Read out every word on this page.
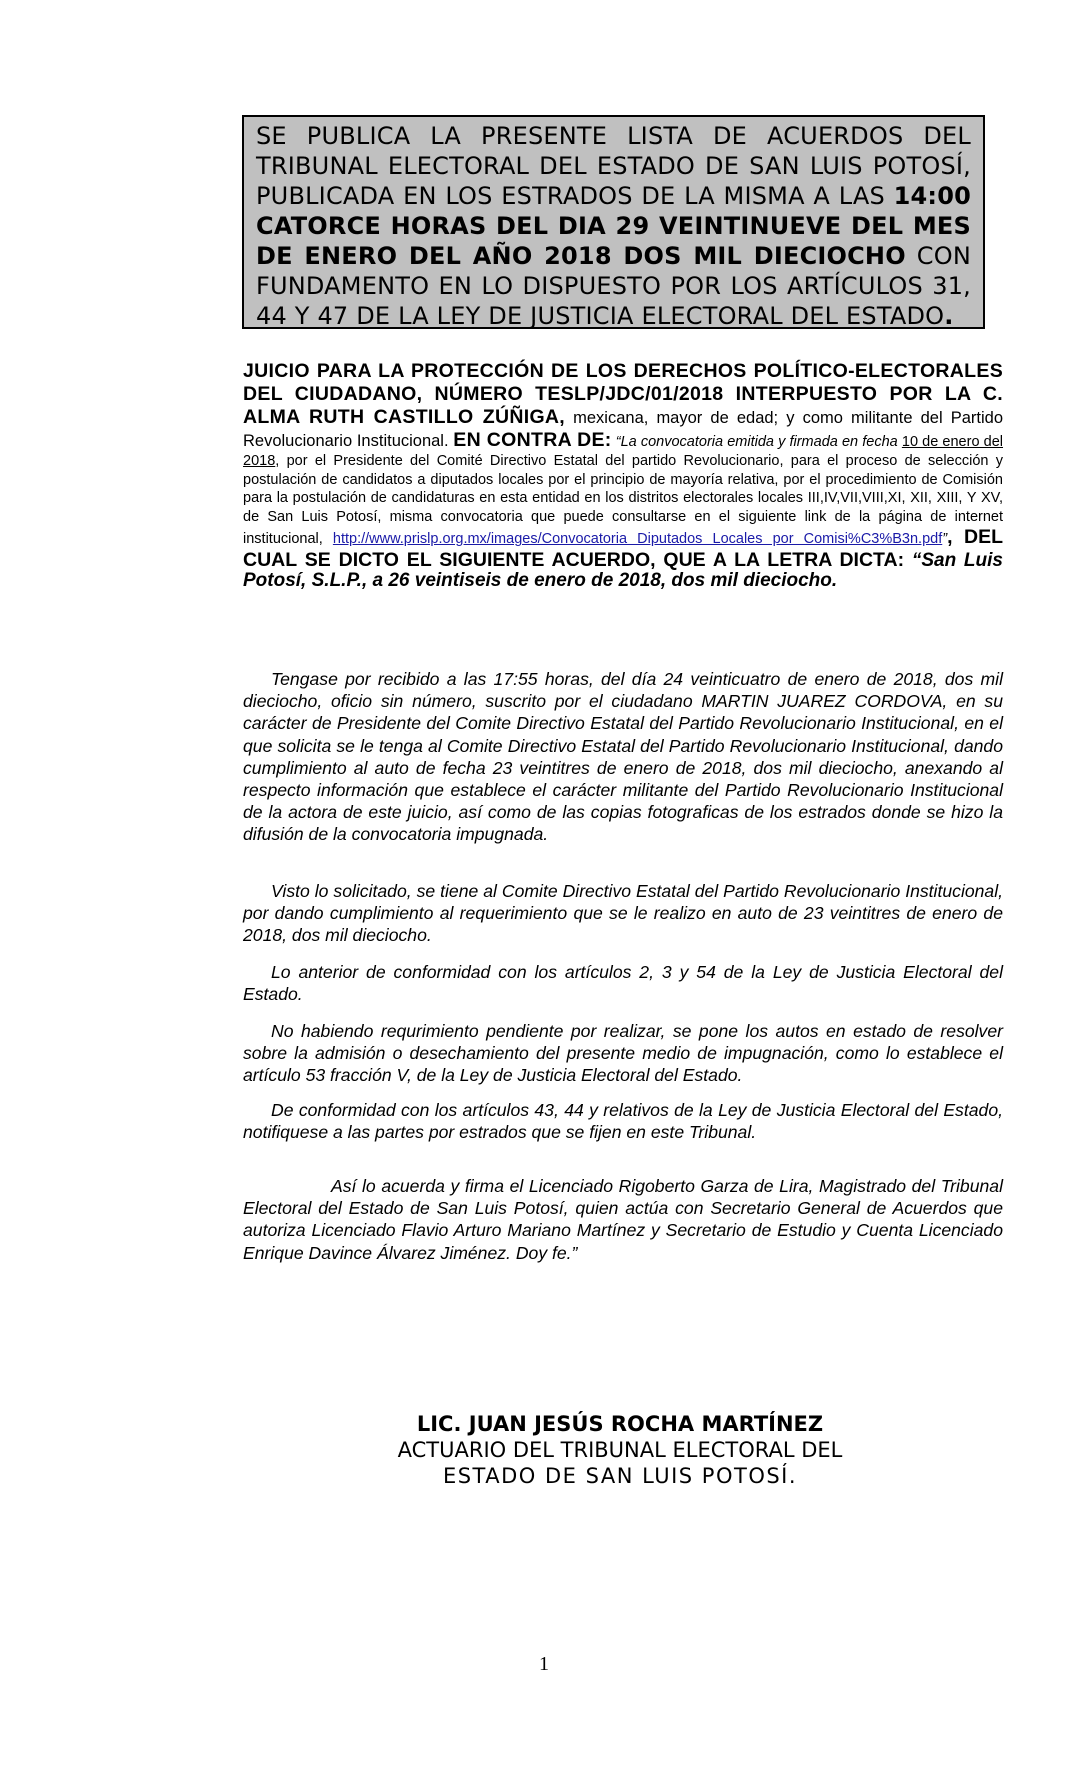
SE PUBLICA LA PRESENTE LISTA DE ACUERDOS DEL TRIBUNAL ELECTORAL DEL ESTADO DE SAN LUIS POTOSÍ, PUBLICADA EN LOS ESTRADOS DE LA MISMA A LAS 14:00 CATORCE HORAS DEL DIA 29 VEINTINUEVE DEL MES DE ENERO DEL AÑO 2018 DOS MIL DIECIOCHO CON FUNDAMENTO EN LO DISPUESTO POR LOS ARTÍCULOS 31, 44 Y 47 DE LA LEY DE JUSTICIA ELECTORAL DEL ESTADO.
JUICIO PARA LA PROTECCIÓN DE LOS DERECHOS POLÍTICO-ELECTORALES DEL CIUDADANO, NÚMERO TESLP/JDC/01/2018 INTERPUESTO POR LA C. ALMA RUTH CASTILLO ZÚÑIGA, mexicana, mayor de edad; y como militante del Partido Revolucionario Institucional. EN CONTRA DE: “La convocatoria emitida y firmada en fecha 10 de enero del 2018, por el Presidente del Comité Directivo Estatal del partido Revolucionario, para el proceso de selección y postulación de candidatos a diputados locales por el principio de mayoría relativa, por el procedimiento de Comisión para la postulación de candidaturas en esta entidad en los distritos electorales locales III,IV,VII,VIII,XI, XII, XIII, Y XV, de San Luis Potosí, misma convocatoria que puede consultarse en el siguiente link de la página de internet institucional, http://www.prislp.org.mx/images/Convocatoria Diputados Locales por Comisi%C3%B3n.pdf”, DEL CUAL SE DICTO EL SIGUIENTE ACUERDO, QUE A LA LETRA DICTA: “San Luis Potosí, S.L.P., a 26 veintiseis de enero de 2018, dos mil dieciocho.

Tengase por recibido a las 17:55 horas, del día 24 veinticuatro de enero de 2018, dos mil dieciocho, oficio sin número, suscrito por el ciudadano MARTIN JUAREZ CORDOVA, en su carácter de Presidente del Comite Directivo Estatal del Partido Revolucionario Institucional, en el que solicita se le tenga al Comite Directivo Estatal del Partido Revolucionario Institucional, dando cumplimiento al auto de fecha 23 veintitres de enero de 2018, dos mil dieciocho, anexando al respecto información que establece el carácter militante del Partido Revolucionario Institucional de la actora de este juicio, así como de las copias fotograficas de los estrados donde se hizo la difusión de la convocatoria impugnada.

Visto lo solicitado, se tiene al Comite Directivo Estatal del Partido Revolucionario Institucional, por dando cumplimiento al requerimiento que se le realizo en auto de 23 veintitres de enero de 2018, dos mil dieciocho.

Lo anterior de conformidad con los artículos 2, 3 y 54 de la Ley de Justicia Electoral del Estado.

No habiendo requrimiento pendiente por realizar, se pone los autos en estado de resolver sobre la admisión o desechamiento del presente medio de impugnación, como lo establece el artículo 53 fracción V, de la Ley de Justicia Electoral del Estado.

De conformidad con los artículos 43, 44 y relativos de la Ley de Justicia Electoral del Estado, notifiquese a las partes por estrados que se fijen en este Tribunal.

Así lo acuerda y firma el Licenciado Rigoberto Garza de Lira, Magistrado del Tribunal Electoral del Estado de San Luis Potosí, quien actúa con Secretario General de Acuerdos que autoriza Licenciado Flavio Arturo Mariano Martínez y Secretario de Estudio y Cuenta Licenciado Enrique Davince Álvarez Jiménez. Doy fe.”

LIC. JUAN JESÚS ROCHA MARTÍNEZ
ACTUARIO DEL TRIBUNAL ELECTORAL DEL
ESTADO DE SAN LUIS POTOSÍ.
1
